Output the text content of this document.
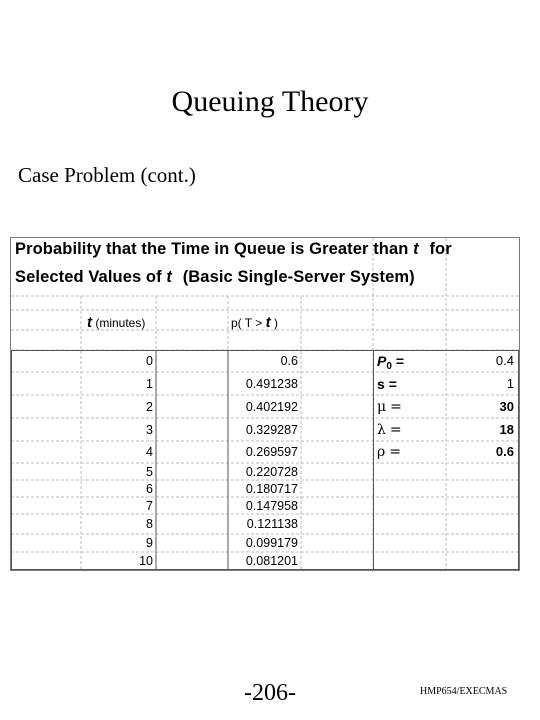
Queuing Theory
Case Problem (cont.)
Probability that the Time in Queue is Greater than t for
Selected Values of t (Basic Single-Server System)
t (minutes)	p( T > t )
0	0.6
1	0.491238
2	0.402192
3	0.329287
4	0.269597
5	0.220728
6	0.180717
7	0.147958
8	0.121138
9	0.099179
10	0.081201
$P_0$ =	0.4
s =	1
μ =	30
λ =	18
ρ =	0.6
-206-	HMP654/EXECMAS
